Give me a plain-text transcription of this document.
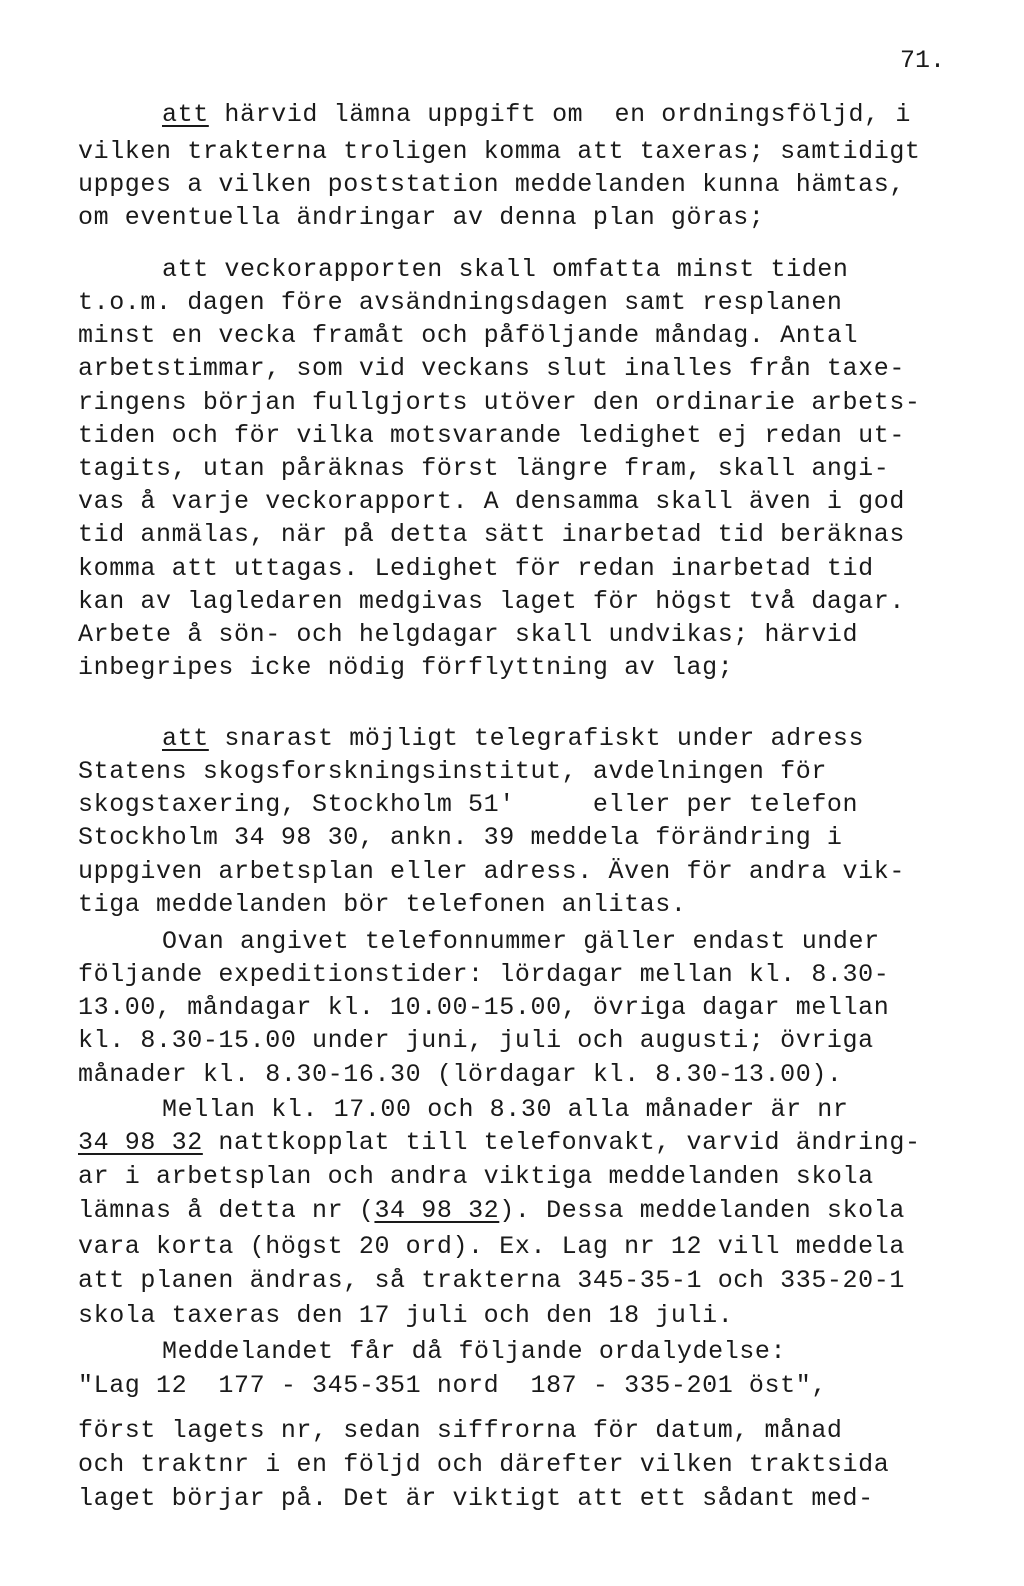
71.
att härvid lämna uppgift om  en ordningsföljd, i
vilken trakterna troligen komma att taxeras; samtidigt
uppges a vilken poststation meddelanden kunna hämtas,
om eventuella ändringar av denna plan göras;
att veckorapporten skall omfatta minst tiden
t.o.m. dagen före avsändningsdagen samt resplanen
minst en vecka framåt och påföljande måndag. Antal
arbetstimmar, som vid veckans slut inalles från taxe-
ringens början fullgjorts utöver den ordinarie arbets-
tiden och för vilka motsvarande ledighet ej redan ut-
tagits, utan påräknas först längre fram, skall angi-
vas å varje veckorapport. A densamma skall även i god
tid anmälas, när på detta sätt inarbetad tid beräknas
komma att uttagas. Ledighet för redan inarbetad tid
kan av lagledaren medgivas laget för högst två dagar.
Arbete å sön- och helgdagar skall undvikas; härvid
inbegripes icke nödig förflyttning av lag;
att snarast möjligt telegrafiskt under adress
Statens skogsforskningsinstitut, avdelningen för
skogstaxering, Stockholm 51'     eller per telefon
Stockholm 34 98 30, ankn. 39 meddela förändring i
uppgiven arbetsplan eller adress. Även för andra vik-
tiga meddelanden bör telefonen anlitas.
Ovan angivet telefonnummer gäller endast under
följande expeditionstider: lördagar mellan kl. 8.30-
13.00, måndagar kl. 10.00-15.00, övriga dagar mellan
kl. 8.30-15.00 under juni, juli och augusti; övriga
månader kl. 8.30-16.30 (lördagar kl. 8.30-13.00).
Mellan kl. 17.00 och 8.30 alla månader är nr
34 98 32 nattkopplat till telefonvakt, varvid ändring-
ar i arbetsplan och andra viktiga meddelanden skola
lämnas å detta nr (34 98 32). Dessa meddelanden skola
vara korta (högst 20 ord). Ex. Lag nr 12 vill meddela
att planen ändras, så trakterna 345-35-1 och 335-20-1
skola taxeras den 17 juli och den 18 juli.
Meddelandet får då följande ordalydelse:
"Lag 12  177 - 345-351 nord  187 - 335-201 öst",
först lagets nr, sedan siffrorna för datum, månad
och traktnr i en följd och därefter vilken traktsida
laget börjar på. Det är viktigt att ett sådant med-
